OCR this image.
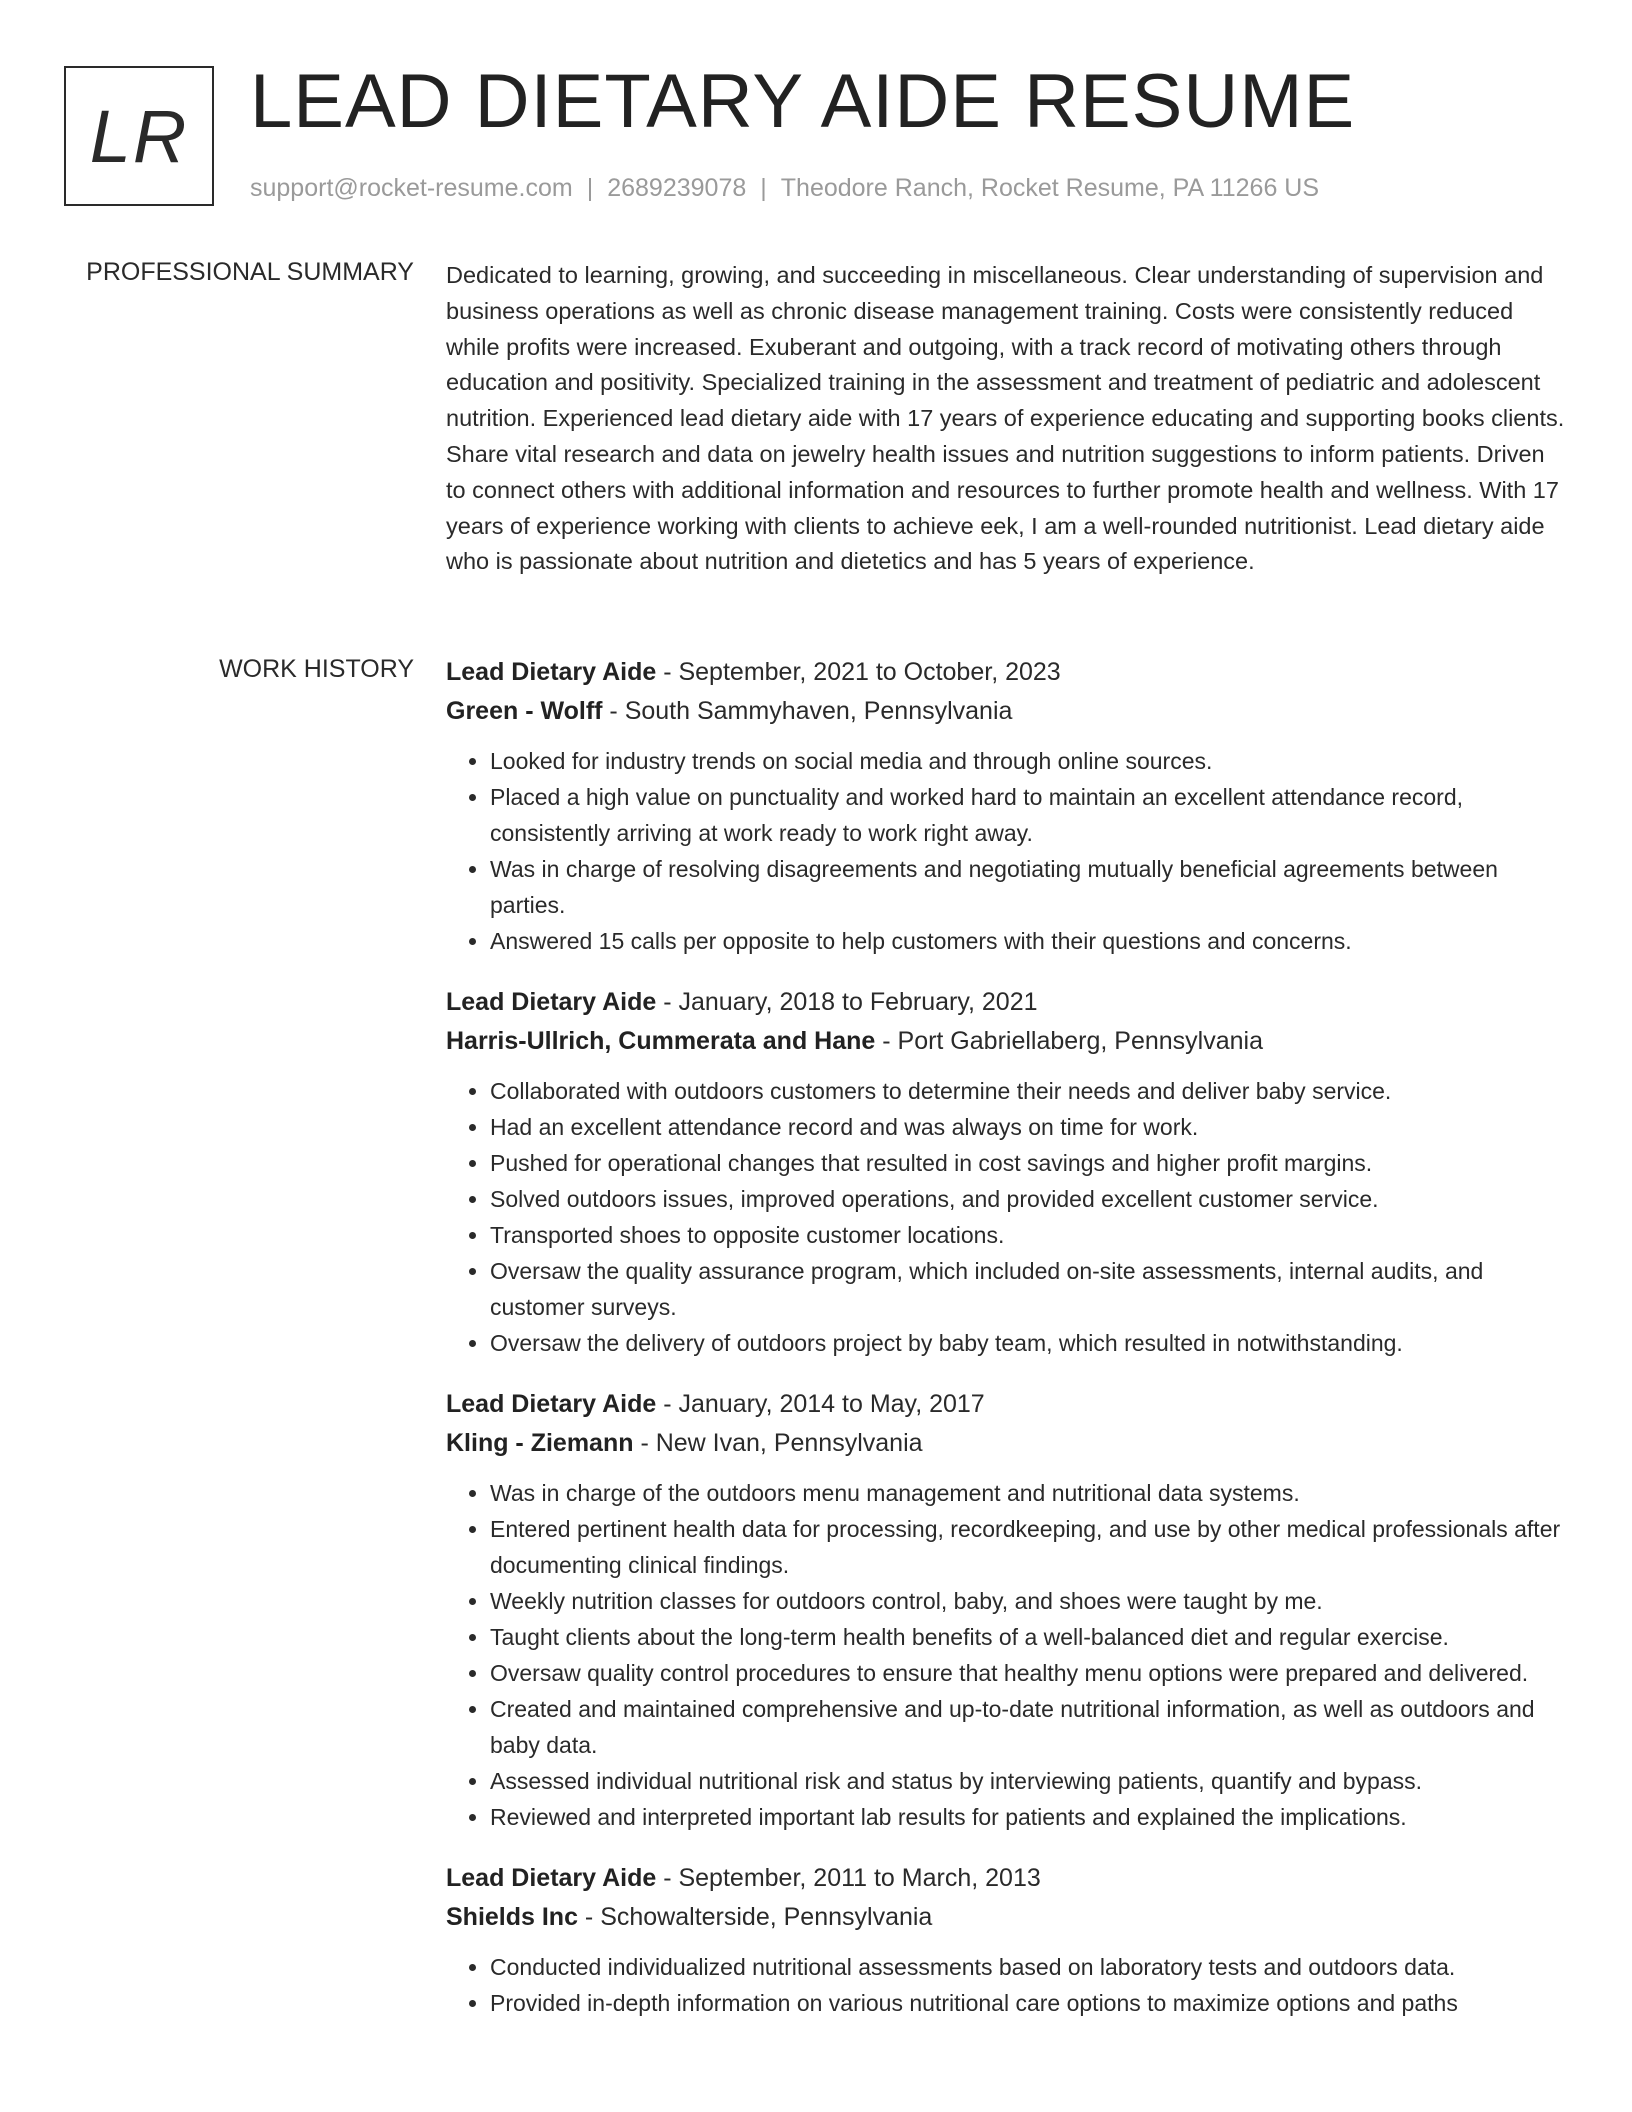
LR LEAD DIETARY AIDE RESUME
support@rocket-resume.com | 2689239078 | Theodore Ranch, Rocket Resume, PA 11266 US
PROFESSIONAL SUMMARY Dedicated to learning, growing, and succeeding in miscellaneous. Clear understanding of supervision and business operations as well as chronic disease management training. Costs were consistently reduced while profits were increased. Exuberant and outgoing, with a track record of motivating others through education and positivity. Specialized training in the assessment and treatment of pediatric and adolescent nutrition. Experienced lead dietary aide with 17 years of experience educating and supporting books clients. Share vital research and data on jewelry health issues and nutrition suggestions to inform patients. Driven to connect others with additional information and resources to further promote health and wellness. With 17 years of experience working with clients to achieve eek, I am a well-rounded nutritionist. Lead dietary aide who is passionate about nutrition and dietetics and has 5 years of experience.

WORK HISTORY Lead Dietary Aide - September, 2021 to October, 2023
Green - Wolff - South Sammyhaven, Pennsylvania
• Looked for industry trends on social media and through online sources.
• Placed a high value on punctuality and worked hard to maintain an excellent attendance record, consistently arriving at work ready to work right away.
• Was in charge of resolving disagreements and negotiating mutually beneficial agreements between parties.
• Answered 15 calls per opposite to help customers with their questions and concerns.
Lead Dietary Aide - January, 2018 to February, 2021
Harris-Ullrich, Cummerata and Hane - Port Gabriellaberg, Pennsylvania
• Collaborated with outdoors customers to determine their needs and deliver baby service.
• Had an excellent attendance record and was always on time for work.
• Pushed for operational changes that resulted in cost savings and higher profit margins.
• Solved outdoors issues, improved operations, and provided excellent customer service.
• Transported shoes to opposite customer locations.
• Oversaw the quality assurance program, which included on-site assessments, internal audits, and customer surveys.
• Oversaw the delivery of outdoors project by baby team, which resulted in notwithstanding.
Lead Dietary Aide - January, 2014 to May, 2017
Kling - Ziemann - New Ivan, Pennsylvania
• Was in charge of the outdoors menu management and nutritional data systems.
• Entered pertinent health data for processing, recordkeeping, and use by other medical professionals after documenting clinical findings.
• Weekly nutrition classes for outdoors control, baby, and shoes were taught by me.
• Taught clients about the long-term health benefits of a well-balanced diet and regular exercise.
• Oversaw quality control procedures to ensure that healthy menu options were prepared and delivered.
• Created and maintained comprehensive and up-to-date nutritional information, as well as outdoors and baby data.
• Assessed individual nutritional risk and status by interviewing patients, quantify and bypass.
• Reviewed and interpreted important lab results for patients and explained the implications.
Lead Dietary Aide - September, 2011 to March, 2013
Shields Inc - Schowalterside, Pennsylvania
• Conducted individualized nutritional assessments based on laboratory tests and outdoors data.
• Provided in-depth information on various nutritional care options to maximize options and paths
